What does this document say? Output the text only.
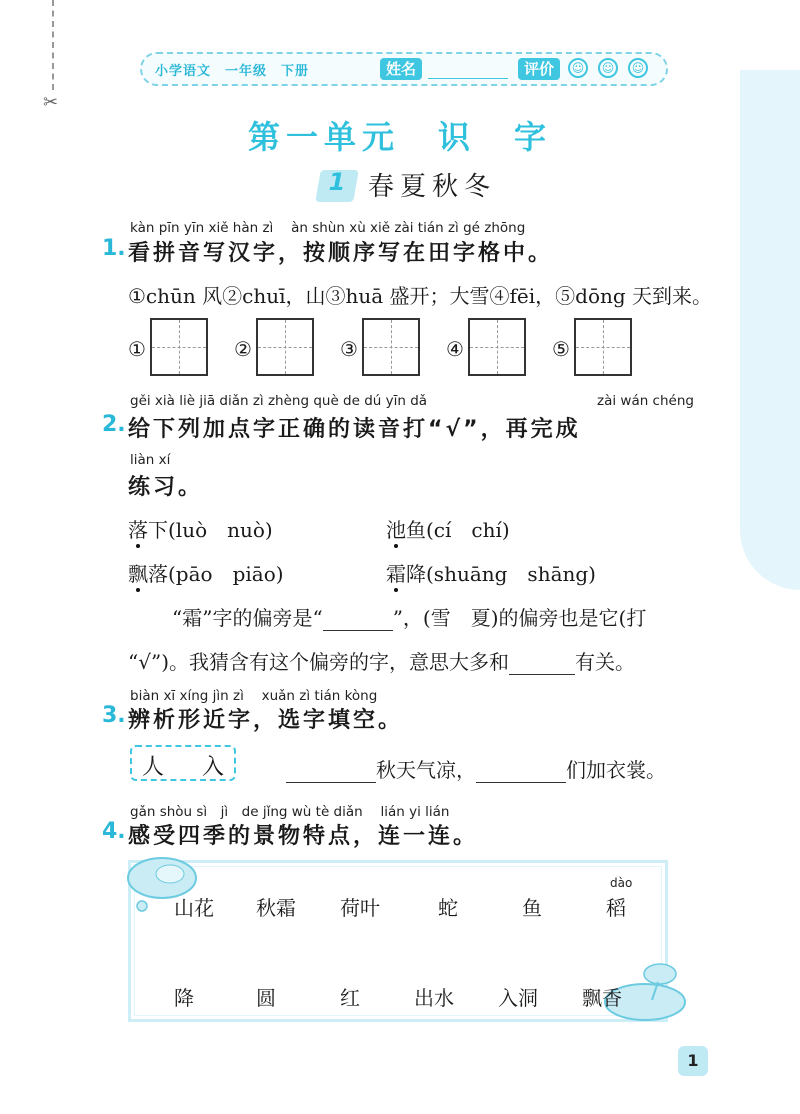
✂
小学语文　一年级　下册	姓名	评价	☺	☺	☺
第一单元　识　字
1 春夏秋冬
kàn pīn yīn xiě hàn zì　 àn shùn xù xiě zài tián zì gé zhōng
1. 看拼音写汉字，按顺序写在田字格中。
①chūn 风②chuī，山③huā 盛开；大雪④fēi，⑤dōng 天到来。
①	②	③	④	⑤
gěi xià liè jiā diǎn zì zhèng què de dú yīn dǎ	zài wán chéng
2. 给下列加点字正确的读音打“√”，再完成
liàn xí
练习。
落下(luò　nuò)	池鱼(cí　chí)
飘落(pāo　piāo)	霜降(shuāng　shāng)
“霜”字的偏旁是“	”，(雪　夏)的偏旁也是它(打
“√”)。我猜含有这个偏旁的字，意思大多和	有关。
biàn xī xíng jìn zì　 xuǎn zì tián kòng
3. 辨析形近字，选字填空。
人 入	秋天气凉，	们加衣裳。
gǎn shòu sì　jì　de jǐng wù tè diǎn　 lián yi lián
4. 感受四季的景物特点，连一连。
dào
山花 秋霜 荷叶	蛇	鱼	稻
降	圆	红	出水 入洞 飘香
1
